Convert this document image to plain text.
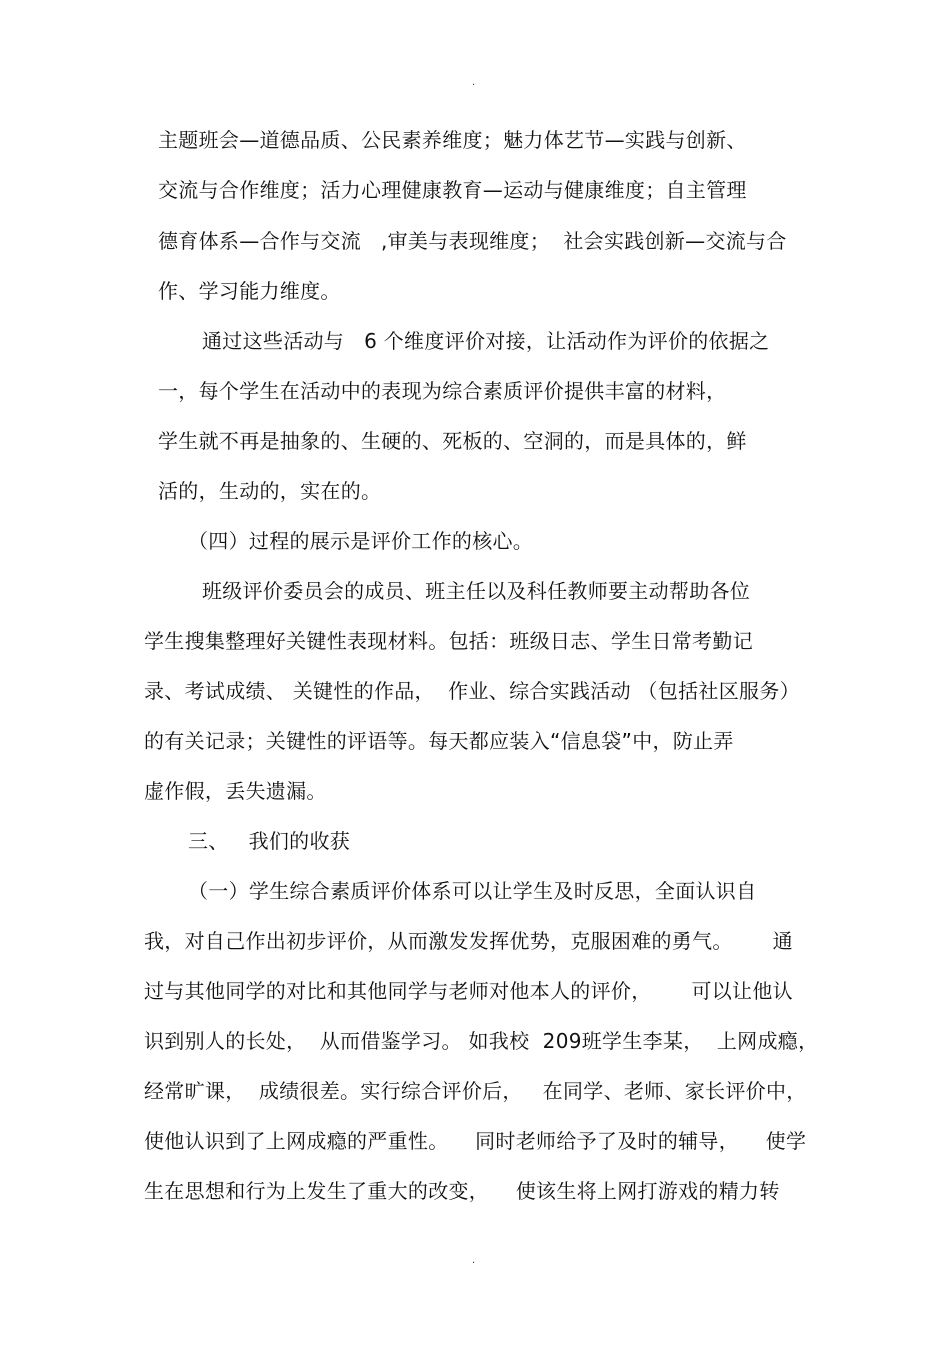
.
主题班会—道德品质、公民素养维度；魅力体艺节—实践与创新、
交流与合作维度；活力心理健康教育—运动与健康维度；自主管理
德育体系—合作与交流   ,审美与表现维度；  社会实践创新—交流与合
作、学习能力维度。
通过这些活动与   6 个维度评价对接，让活动作为评价的依据之
一，每个学生在活动中的表现为综合素质评价提供丰富的材料，
学生就不再是抽象的、生硬的、死板的、空洞的，而是具体的，鲜
活的，生动的，实在的。
（四）过程的展示是评价工作的核心。
班级评价委员会的成员、班主任以及科任教师要主动帮助各位
学生搜集整理好关键性表现材料。包括：班级日志、学生日常考勤记
录、考试成绩、 关键性的作品，  作业、综合实践活动 （包括社区服务）
的有关记录；关键性的评语等。每天都应装入“信息袋”中，防止弄
虚作假，丢失遗漏。
三、   我们的收获
（一）学生综合素质评价体系可以让学生及时反思，全面认识自
我，对自己作出初步评价，从而激发发挥优势，克服困难的勇气。      通
过与其他同学的对比和其他同学与老师对他本人的评价，      可以让他认
识到别人的长处，  从而借鉴学习。 如我校  209班学生李某，  上网成瘾，
经常旷课，  成绩很差。实行综合评价后，   在同学、老师、家长评价中，
使他认识到了上网成瘾的严重性。    同时老师给予了及时的辅导，    使学
生在思想和行为上发生了重大的改变，    使该生将上网打游戏的精力转
.
